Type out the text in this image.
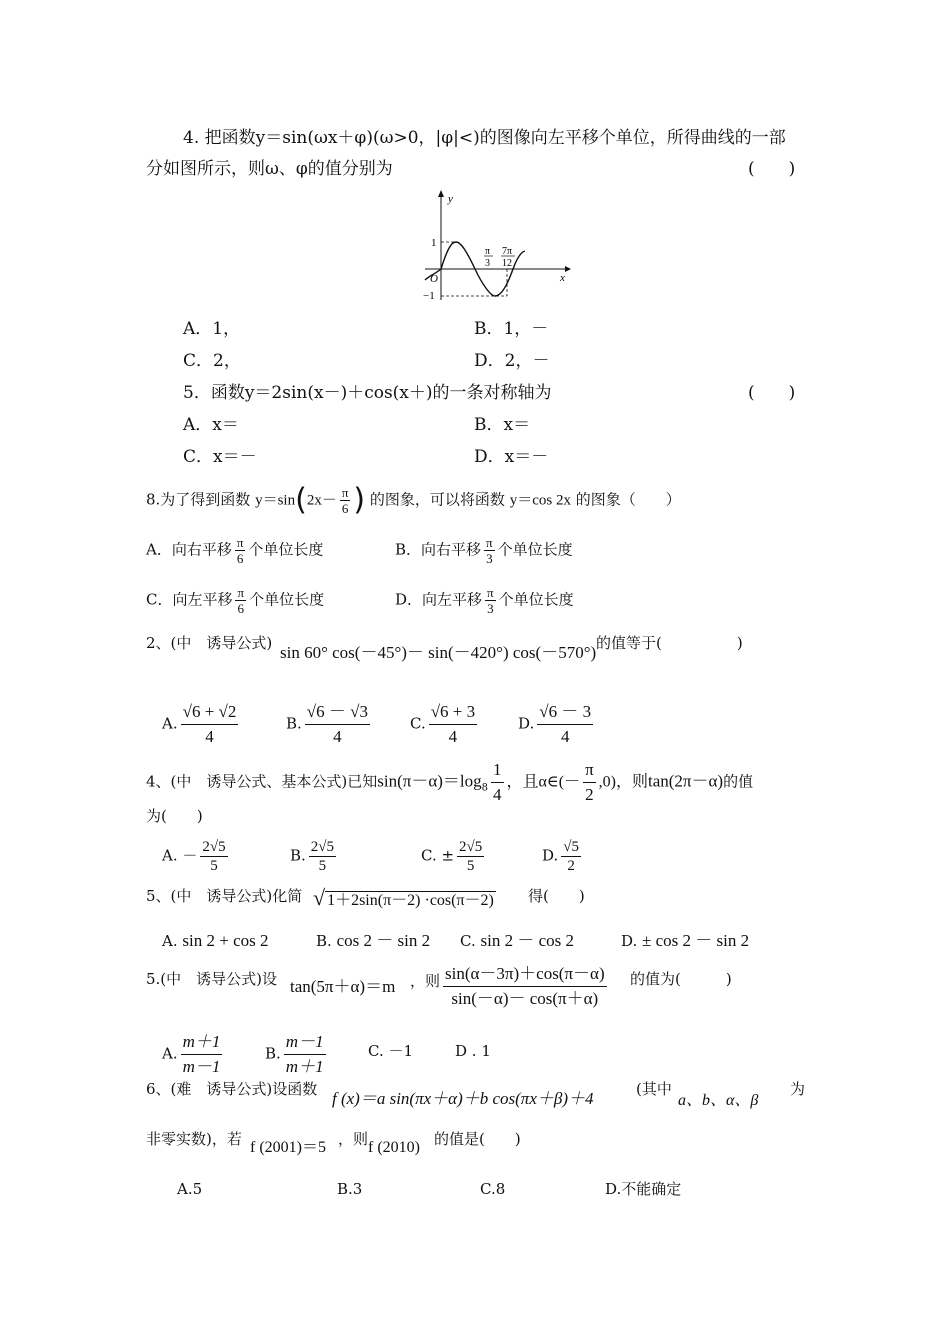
4. 把函数y＝sin(ωx＋φ)(ω>0，|φ|<)的图像向左平移个单位，所得曲线的一部
分如图所示，则ω、φ的值分别为	(　　)
y
x
1
O
−1
π
3
7π
12
A．1，	B．1，－
C．2，	D．2，－
5．函数y＝2sin(x－)＋cos(x＋)的一条对称轴为	(　　)
A．x＝	B．x＝
C．x＝－	D．x＝－
8.为了得到函数 $y=\sin(2x- \frac{\pi}{6}$ ) 的图象，可以将函数 y＝cos 2x 的图象（　　）
A．向右平移 $\frac{\pi}{6}$ 个单位长度	B．向右平移 $\frac{\pi}{3}$ 个单位长度
C．向左平移 $\frac{\pi}{6}$ 个单位长度	D．向左平移 $\frac{\pi}{3}$ 个单位长度
2、(中　诱导公式) sin 60° cos(－45°)－ sin(－420°) cos(－570°) 的值等于(　　　　　)
A. $\frac{√6 + √2}{4}$	B. $\frac{√6 - √3}{4}$	C. $\frac{√6 + 3}{4}$	D. $\frac{√6 - 3}{4}$
4、(中　诱导公式、基本公式)已知$\sin(\pi-\alpha)=\log_8 \frac{1}{4}$ ，且α∈(－ $\frac{\pi}{2} ,0$)，则tan(2π－α)的值
为(　　)
A. － $\frac{2√5}{5}$	B. $\frac{2√5}{5}$	C. ± $\frac{2√5}{5}$	D. $\frac{√5}{2}$
5、(中　诱导公式)化简 √ 1＋2sin(π－2) ·cos(π－2) 得(　　)
A. sin 2 + cos 2	B. cos 2 － sin 2 C. sin 2 － cos 2	D. ± cos 2 － sin 2
5.(中　诱导公式)设 tan(5π＋α)＝m ，则 $\frac{\sin(\alpha-3\pi)+\cos(\pi-\alpha)}{\sin(-\alpha)- \cos(\pi+\alpha)}$ 的值为(　　　)
A. $\frac{m+1}{m-1}$	B. $\frac{m-1}{m+1}$	C. －1	D . 1
6、(难　诱导公式)设函数 f (x)＝a sin(πx＋α)＋b cos(πx＋β)＋4	(其中
a、b、α、β
为
非零实数)，若 f (2001)＝5 ，则 f (2010) 的值是(　　)
A.5	B.3	C.8	D.不能确定
